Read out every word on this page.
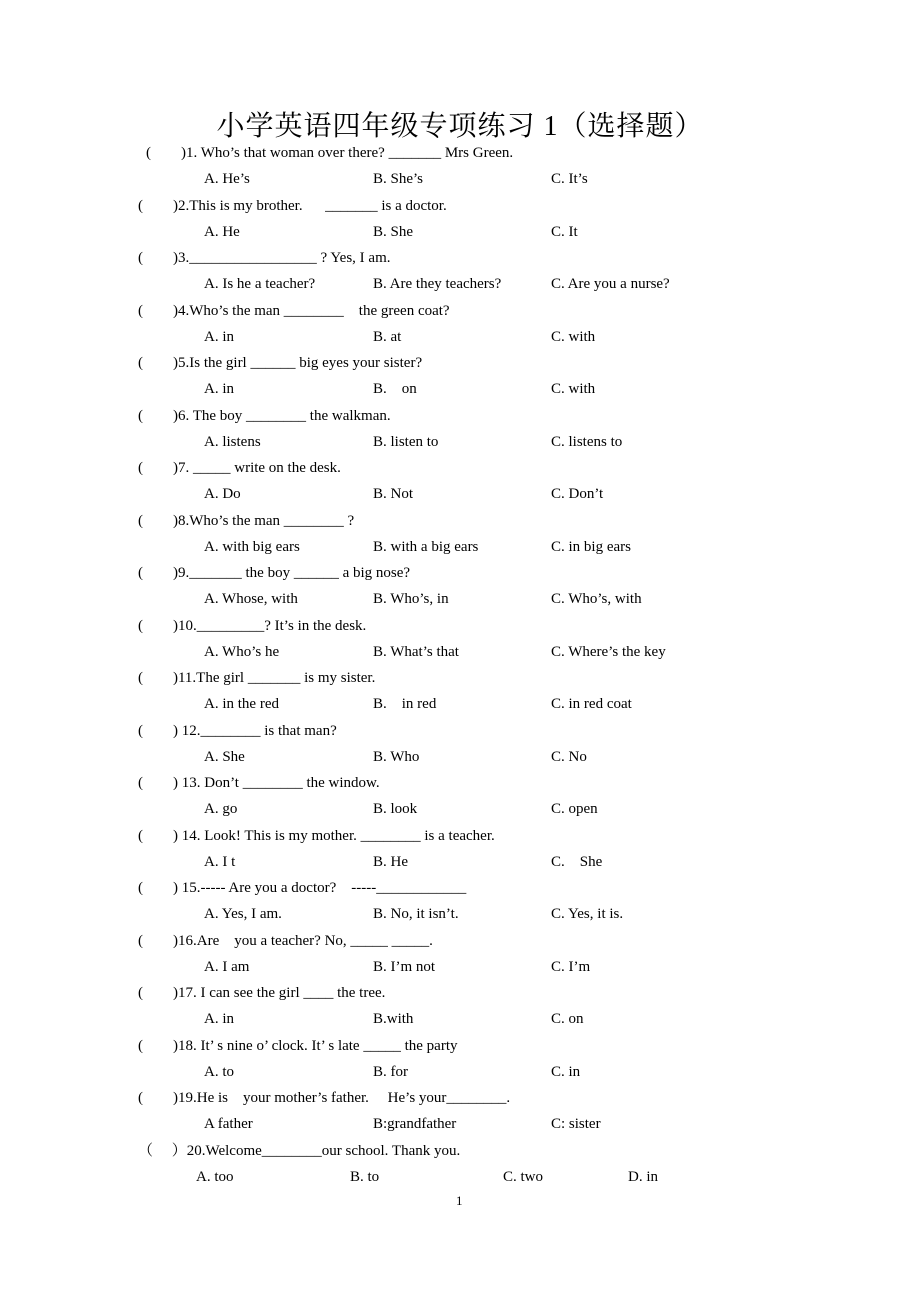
小学英语四年级专项练习 1（选择题）
(        )1. Who’s that woman over there? _______ Mrs Green.
A. He’s	B. She’s	C. It’s
(        )2.This is my brother.      _______ is a doctor.
A. He	B. She	C. It
(        )3._________________ ? Yes, I am.
A. Is he a teacher?	B. Are they teachers?	C. Are you a nurse?
(        )4.Who’s the man ________    the green coat?
A. in	B. at	C. with
(        )5.Is the girl ______ big eyes your sister?
A. in	B.    on	C. with
(        )6. The boy ________ the walkman.
A. listens	B. listen to	C. listens to
(        )7. _____ write on the desk.
A. Do	B. Not	C. Don’t
(        )8.Who’s the man ________ ?
A. with big ears	B. with a big ears	C. in big ears
(        )9._______ the boy ______ a big nose?
A. Whose, with	B. Who’s, in	C. Who’s, with
(        )10._________? It’s in the desk.
A. Who’s he	B. What’s that	C. Where’s the key
(        )11.The girl _______ is my sister.
A. in the red	B.    in red	C. in red coat
(        ) 12.________ is that man?
A. She	B. Who	C. No
(        ) 13. Don’t ________ the window.
A. go	B. look	C. open
(        ) 14. Look! This is my mother. ________ is a teacher.
A. I t	B. He	C.    She
(        ) 15.----- Are you a doctor?    -----____________
A. Yes, I am.	B. No, it isn’t.	C. Yes, it is.
(        )16.Are    you a teacher? No, _____ _____.
A. I am	B. I’m not	C. I’m
(        )17. I can see the girl ____ the tree.
A. in	B.with	C. on
(        )18. It’ s nine o’ clock. It’ s late _____ the party
A. to	B. for	C. in
(        )19.He is    your mother’s father.     He’s your________.
A father	B:grandfather	C: sister
（     ）20.Welcome________our school. Thank you.
A. too	B. to	C. two	D. in
1
